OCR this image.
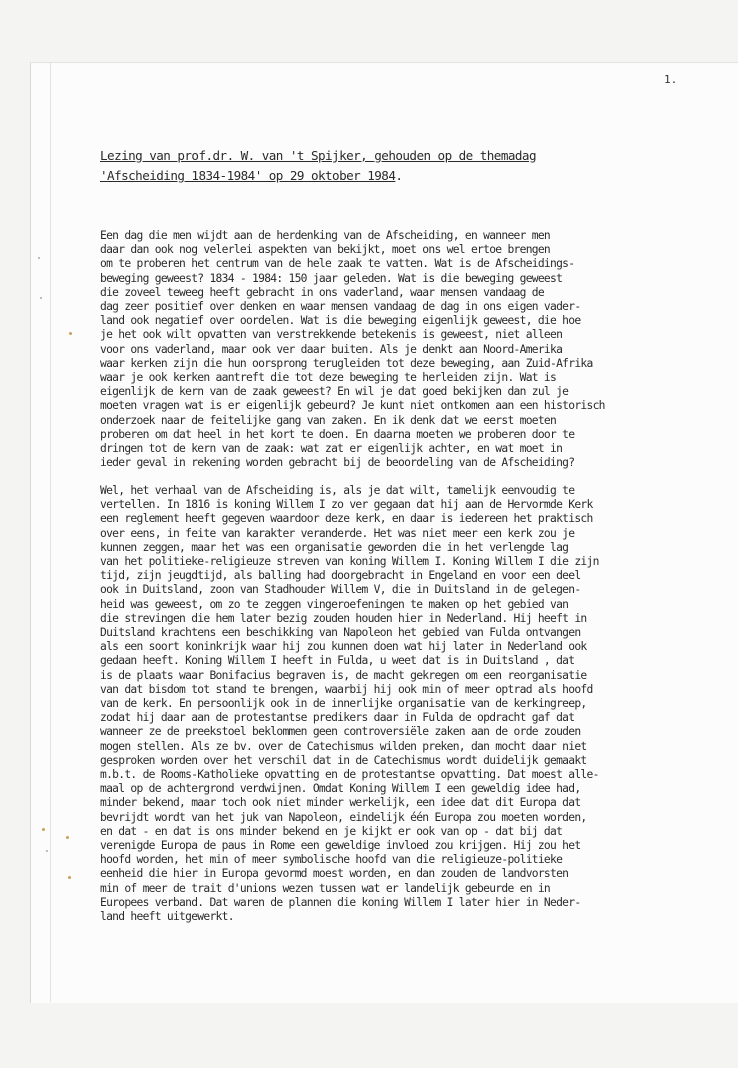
1.
Lezing van prof.dr. W. van 't Spijker, gehouden op de themadag
'Afscheiding 1834-1984' op 29 oktober 1984.
Een dag die men wijdt aan de herdenking van de Afscheiding, en wanneer men
daar dan ook nog velerlei aspekten van bekijkt, moet ons wel ertoe brengen
om te proberen het centrum van de hele zaak te vatten. Wat is de Afscheidings-
beweging geweest? 1834 - 1984: 150 jaar geleden. Wat is die beweging geweest
die zoveel teweeg heeft gebracht in ons vaderland, waar mensen vandaag de
dag zeer positief over denken en waar mensen vandaag de dag in ons eigen vader-
land ook negatief over oordelen. Wat is die beweging eigenlijk geweest, die hoe
je het ook wilt opvatten van verstrekkende betekenis is geweest, niet alleen
voor ons vaderland, maar ook ver daar buiten. Als je denkt aan Noord-Amerika
waar kerken zijn die hun oorsprong terugleiden tot deze beweging, aan Zuid-Afrika
waar je ook kerken aantreft die tot deze beweging te herleiden zijn. Wat is
eigenlijk de kern van de zaak geweest? En wil je dat goed bekijken dan zul je
moeten vragen wat is er eigenlijk gebeurd? Je kunt niet ontkomen aan een historisch
onderzoek naar de feitelijke gang van zaken. En ik denk dat we eerst moeten
proberen om dat heel in het kort te doen. En daarna moeten we proberen door te
dringen tot de kern van de zaak: wat zat er eigenlijk achter, en wat moet in
ieder geval in rekening worden gebracht bij de beoordeling van de Afscheiding?
Wel, het verhaal van de Afscheiding is, als je dat wilt, tamelijk eenvoudig te
vertellen. In 1816 is koning Willem I zo ver gegaan dat hij aan de Hervormde Kerk
een reglement heeft gegeven waardoor deze kerk, en daar is iedereen het praktisch
over eens, in feite van karakter veranderde. Het was niet meer een kerk zou je
kunnen zeggen, maar het was een organisatie geworden die in het verlengde lag
van het politieke-religieuze streven van koning Willem I. Koning Willem I die zijn
tijd, zijn jeugdtijd, als balling had doorgebracht in Engeland en voor een deel
ook in Duitsland, zoon van Stadhouder Willem V, die in Duitsland in de gelegen-
heid was geweest, om zo te zeggen vingeroefeningen te maken op het gebied van
die strevingen die hem later bezig zouden houden hier in Nederland. Hij heeft in
Duitsland krachtens een beschikking van Napoleon het gebied van Fulda ontvangen
als een soort koninkrijk waar hij zou kunnen doen wat hij later in Nederland ook
gedaan heeft. Koning Willem I heeft in Fulda, u weet dat is in Duitsland , dat
is de plaats waar Bonifacius begraven is, de macht gekregen om een reorganisatie
van dat bisdom tot stand te brengen, waarbij hij ook min of meer optrad als hoofd
van de kerk. En persoonlijk ook in de innerlijke organisatie van de kerkingreep,
zodat hij daar aan de protestantse predikers daar in Fulda de opdracht gaf dat
wanneer ze de preekstoel beklommen geen controversiële zaken aan de orde zouden
mogen stellen. Als ze bv. over de Catechismus wilden preken, dan mocht daar niet
gesproken worden over het verschil dat in de Catechismus wordt duidelijk gemaakt
m.b.t. de Rooms-Katholieke opvatting en de protestantse opvatting. Dat moest alle-
maal op de achtergrond verdwijnen. Omdat Koning Willem I een geweldig idee had,
minder bekend, maar toch ook niet minder werkelijk, een idee dat dit Europa dat
bevrijdt wordt van het juk van Napoleon, eindelijk één Europa zou moeten worden,
en dat - en dat is ons minder bekend en je kijkt er ook van op - dat bij dat
verenigde Europa de paus in Rome een geweldige invloed zou krijgen. Hij zou het
hoofd worden, het min of meer symbolische hoofd van die religieuze-politieke
eenheid die hier in Europa gevormd moest worden, en dan zouden de landvorsten
min of meer de trait d'unions wezen tussen wat er landelijk gebeurde en in
Europees verband. Dat waren de plannen die koning Willem I later hier in Neder-
land heeft uitgewerkt.
